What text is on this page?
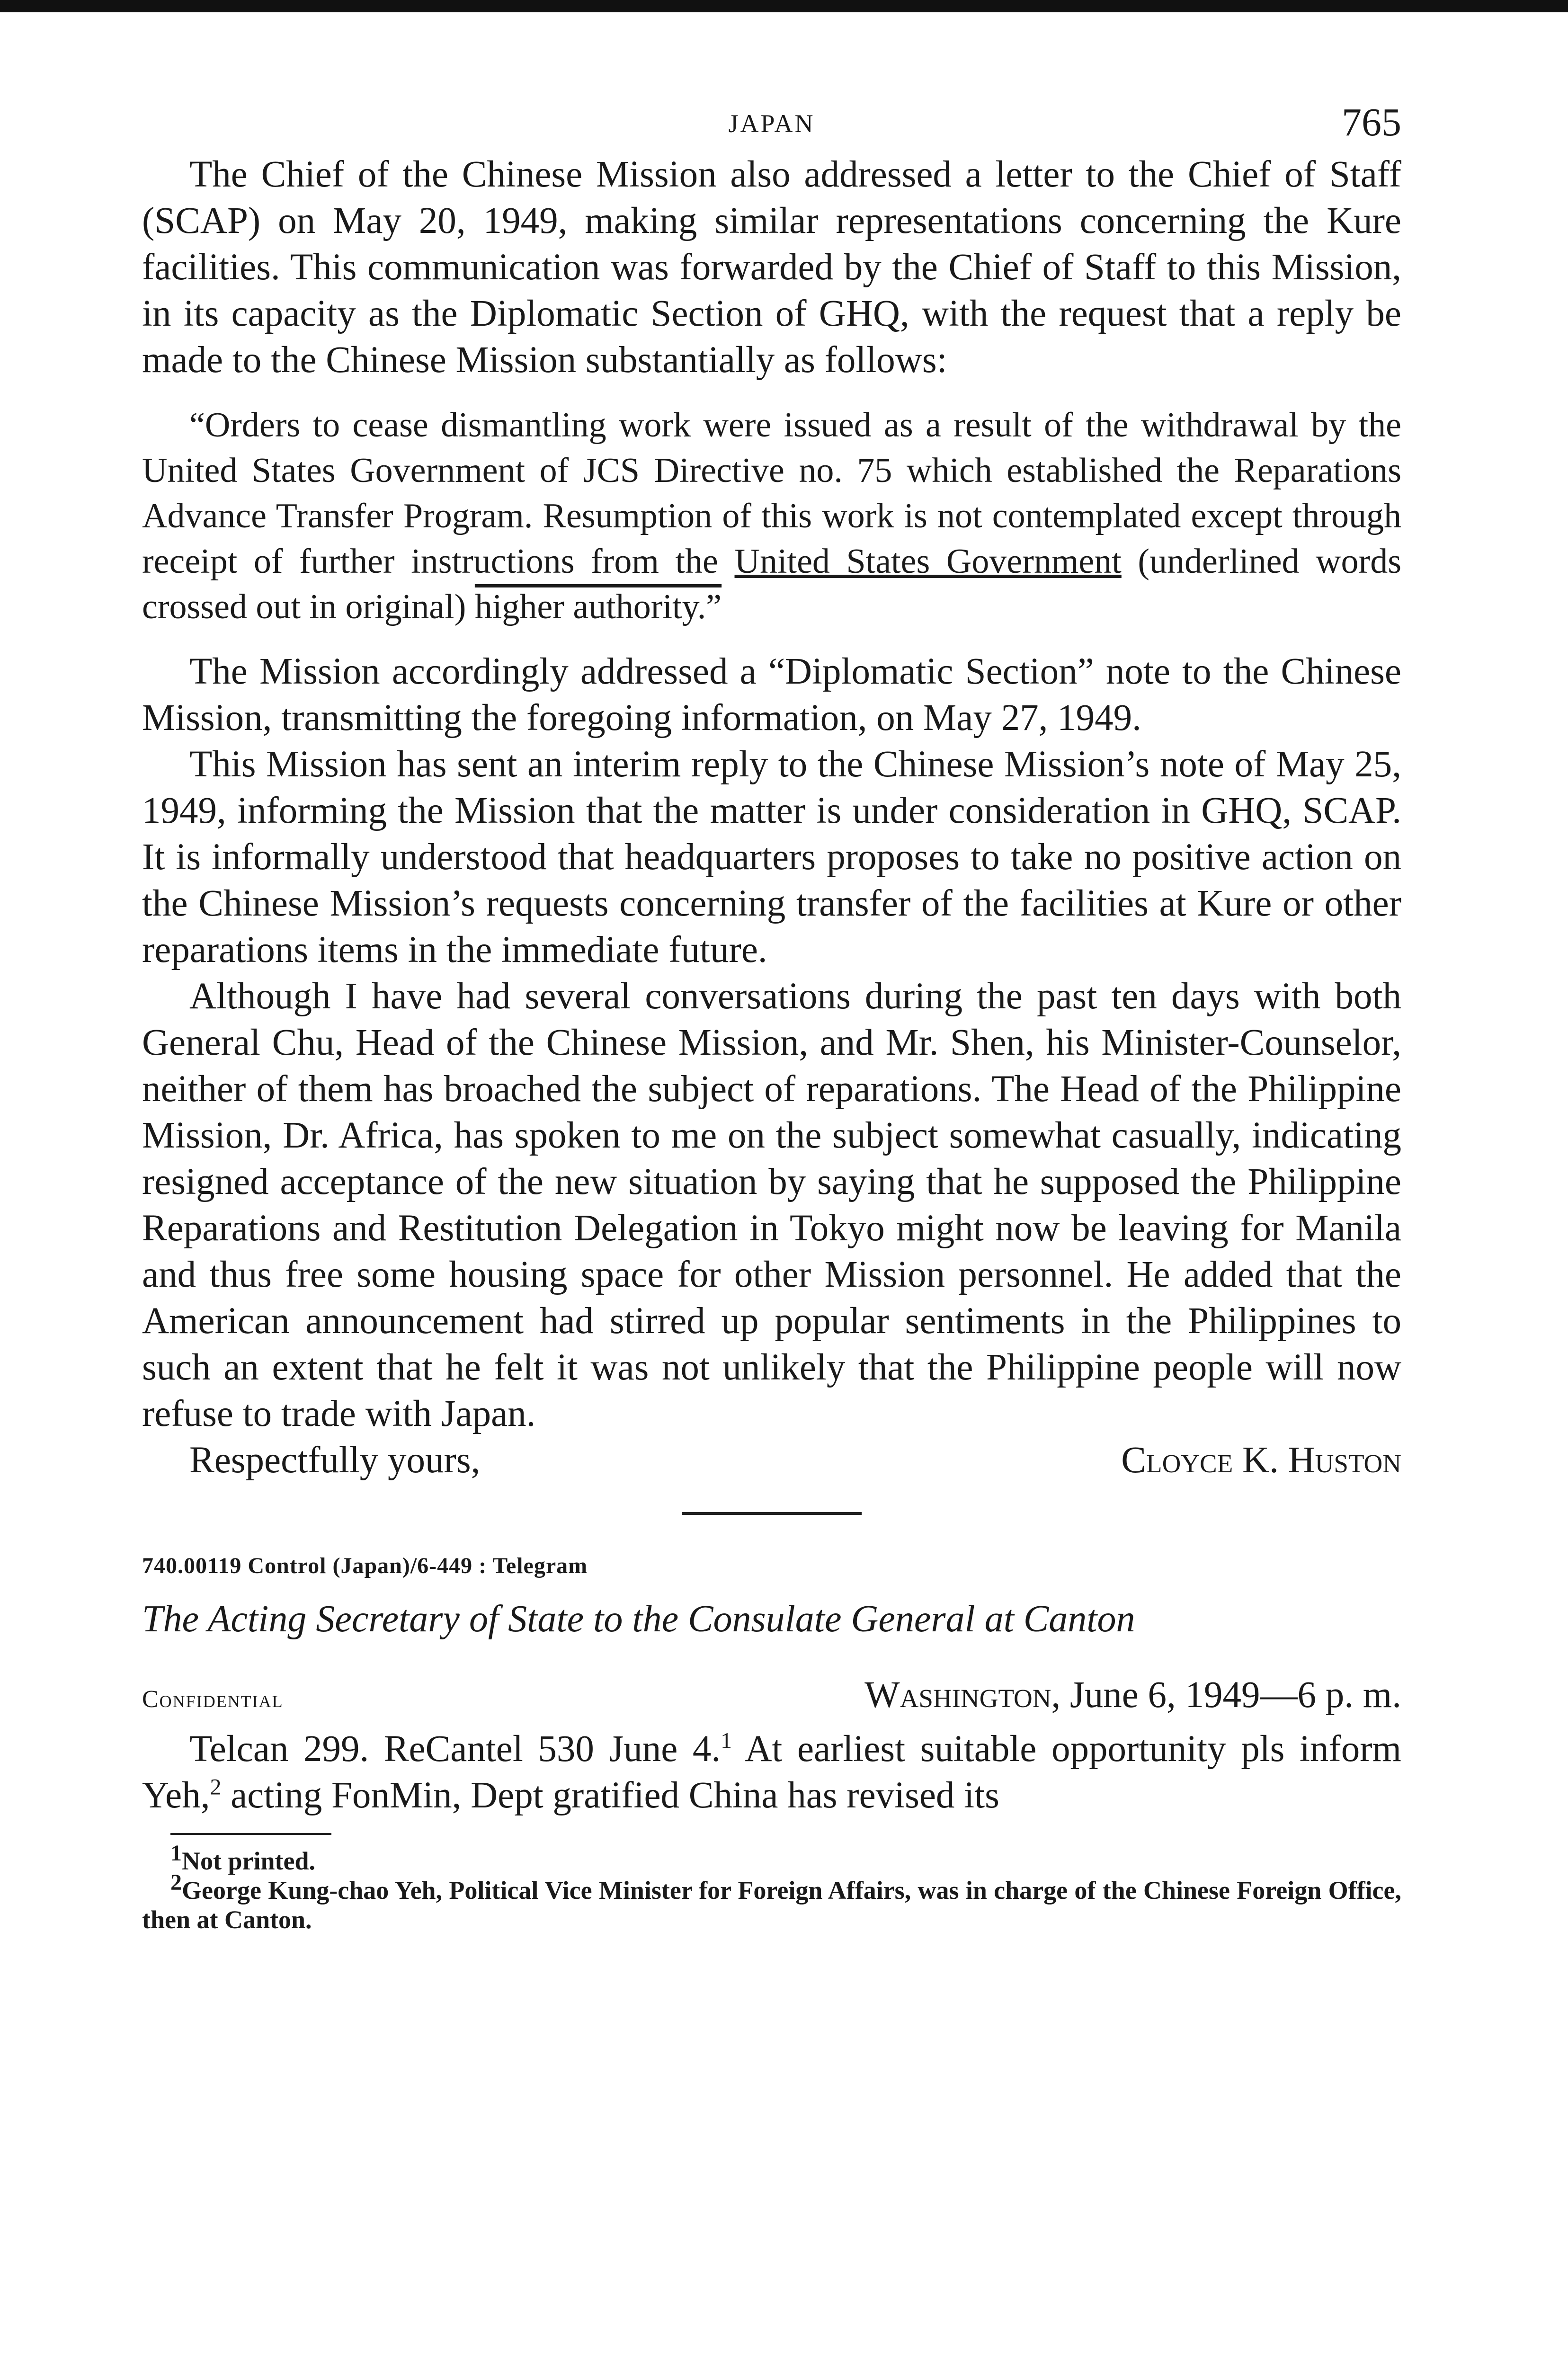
JAPAN	765

The Chief of the Chinese Mission also addressed a letter to the Chief of Staff (SCAP) on May 20, 1949, making similar representations concerning the Kure facilities. This communication was forwarded by the Chief of Staff to this Mission, in its capacity as the Diplomatic Section of GHQ, with the request that a reply be made to the Chinese Mission substantially as follows:

“Orders to cease dismantling work were issued as a result of the withdrawal by the United States Government of JCS Directive no. 75 which established the Reparations Advance Transfer Program. Resumption of this work is not contemplated except through receipt of further instructions from the United States Government (underlined words crossed out in original) higher authority.”

The Mission accordingly addressed a “Diplomatic Section” note to the Chinese Mission, transmitting the foregoing information, on May 27, 1949.

This Mission has sent an interim reply to the Chinese Mission’s note of May 25, 1949, informing the Mission that the matter is under consideration in GHQ, SCAP. It is informally understood that headquarters proposes to take no positive action on the Chinese Mission’s requests concerning transfer of the facilities at Kure or other reparations items in the immediate future.

Although I have had several conversations during the past ten days with both General Chu, Head of the Chinese Mission, and Mr. Shen, his Minister-Counselor, neither of them has broached the subject of reparations. The Head of the Philippine Mission, Dr. Africa, has spoken to me on the subject somewhat casually, indicating resigned acceptance of the new situation by saying that he supposed the Philippine Reparations and Restitution Delegation in Tokyo might now be leaving for Manila and thus free some housing space for other Mission personnel. He added that the American announcement had stirred up popular sentiments in the Philippines to such an extent that he felt it was not unlikely that the Philippine people will now refuse to trade with Japan.

Respectfully yours,	Cloyce K. Huston
740.00119 Control (Japan)/6-449 : Telegram
The Acting Secretary of State to the Consulate General at Canton
Confidential	Washington, June 6, 1949—6 p. m.

Telcan 299. ReCantel 530 June 4.$^1$ At earliest suitable opportunity pls inform Yeh,$^2$ acting FonMin, Dept gratified China has revised its

$^1$Not printed.

$^2$George Kung-chao Yeh, Political Vice Minister for Foreign Affairs, was in charge of the Chinese Foreign Office, then at Canton.
